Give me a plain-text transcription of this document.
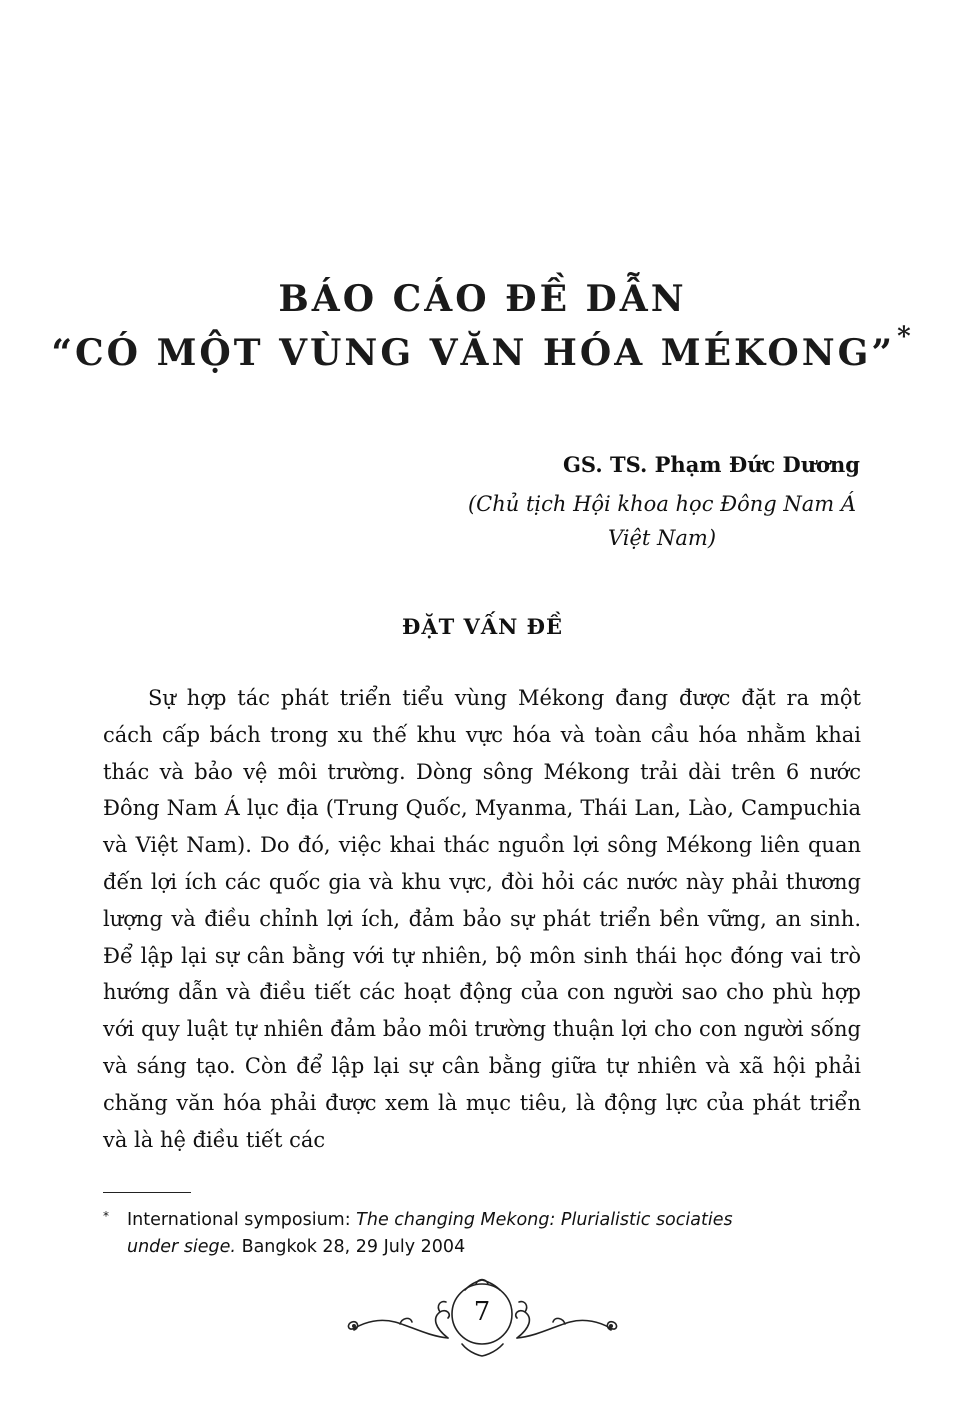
BÁO CÁO ĐỀ DẪN
“CÓ MỘT VÙNG VĂN HÓA MÉKONG”*
GS. TS. Phạm Đức Dương
(Chủ tịch Hội khoa học Đông Nam Á
Việt Nam)
ĐẶT VẤN ĐỀ

Sự hợp tác phát triển tiểu vùng Mékong đang được đặt ra một cách cấp bách trong xu thế khu vực hóa và toàn cầu hóa nhằm khai thác và bảo vệ môi trường. Dòng sông Mékong trải dài trên 6 nước Đông Nam Á lục địa (Trung Quốc, Myanma, Thái Lan, Lào, Campuchia và Việt Nam). Do đó, việc khai thác nguồn lợi sông Mékong liên quan đến lợi ích các quốc gia và khu vực, đòi hỏi các nước này phải thương lượng và điều chỉnh lợi ích, đảm bảo sự phát triển bền vững, an sinh. Để lập lại sự cân bằng với tự nhiên, bộ môn sinh thái học đóng vai trò hướng dẫn và điều tiết các hoạt động của con người sao cho phù hợp với quy luật tự nhiên đảm bảo môi trường thuận lợi cho con người sống và sáng tạo. Còn để lập lại sự cân bằng giữa tự nhiên và xã hội phải chăng văn hóa phải được xem là mục tiêu, là động lực của phát triển và là hệ điều tiết các

*	International symposium: The changing Mekong: Plurialistic sociaties
under siege. Bangkok 28, 29 July 2004
7
